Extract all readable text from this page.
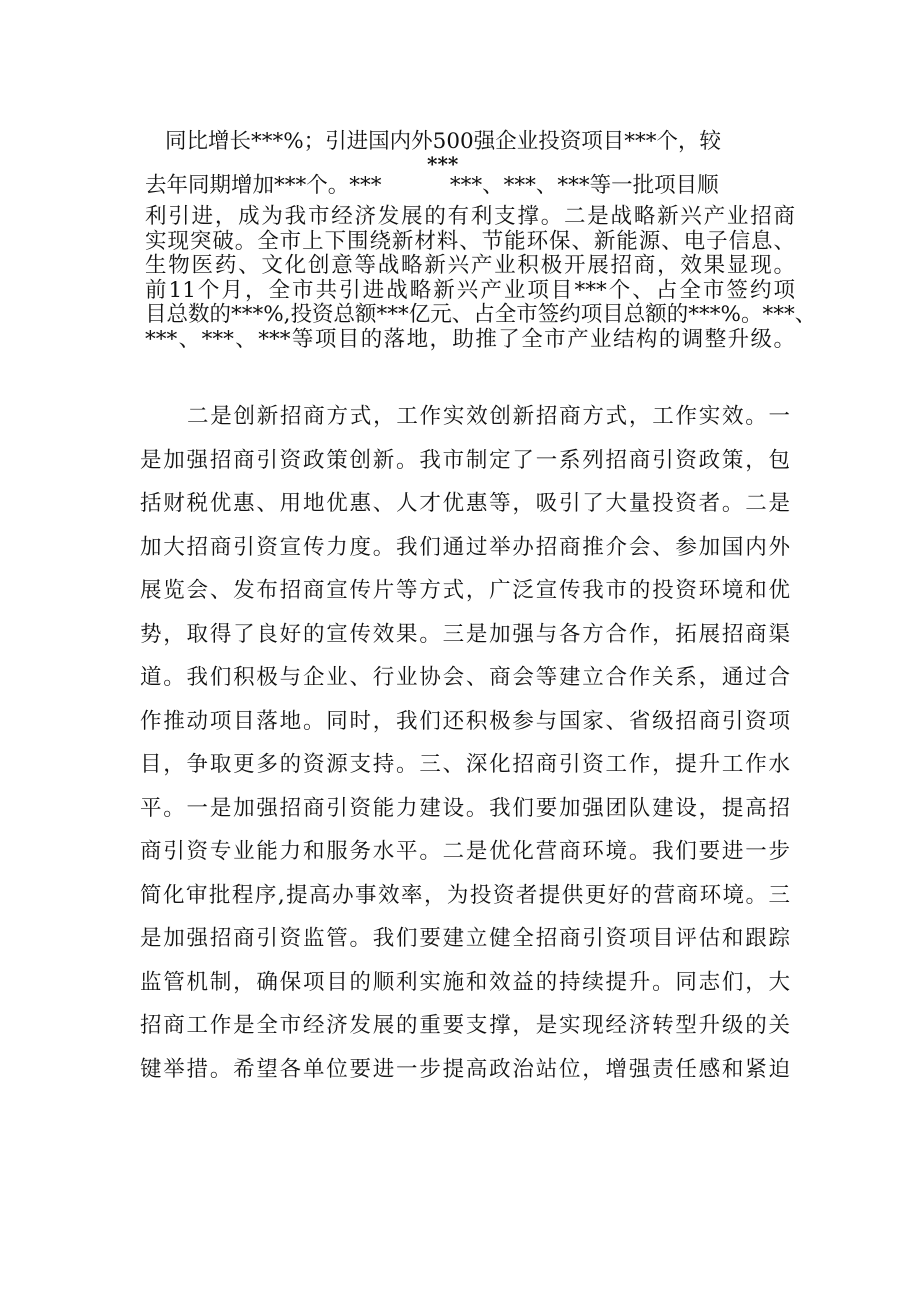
***
同比增长***%；引进国内外500强企业投资项目***个，较
去年同期增加***个。***          ***、***、***等一批项目顺
利引进，成为我市经济发展的有利支撑。二是战略新兴产业招商
实现突破。全市上下围绕新材料、节能环保、新能源、电子信息、
生物医药、文化创意等战略新兴产业积极开展招商，效果显现。
前11个月，全市共引进战略新兴产业项目***个、占全市签约项
目总数的***%,投资总额***亿元、占全市签约项目总额的***%。***、
***、***、***等项目的落地，助推了全市产业结构的调整升级。
二是创新招商方式，工作实效创新招商方式，工作实效。一
是加强招商引资政策创新。我市制定了一系列招商引资政策，包
括财税优惠、用地优惠、人才优惠等，吸引了大量投资者。二是
加大招商引资宣传力度。我们通过举办招商推介会、参加国内外
展览会、发布招商宣传片等方式，广泛宣传我市的投资环境和优
势，取得了良好的宣传效果。三是加强与各方合作，拓展招商渠
道。我们积极与企业、行业协会、商会等建立合作关系，通过合
作推动项目落地。同时，我们还积极参与国家、省级招商引资项
目，争取更多的资源支持。三、深化招商引资工作，提升工作水
平。一是加强招商引资能力建设。我们要加强团队建设，提高招
商引资专业能力和服务水平。二是优化营商环境。我们要进一步
简化审批程序,提高办事效率，为投资者提供更好的营商环境。三
是加强招商引资监管。我们要建立健全招商引资项目评估和跟踪
监管机制，确保项目的顺利实施和效益的持续提升。同志们，大
招商工作是全市经济发展的重要支撑，是实现经济转型升级的关
键举措。希望各单位要进一步提高政治站位，增强责任感和紧迫
